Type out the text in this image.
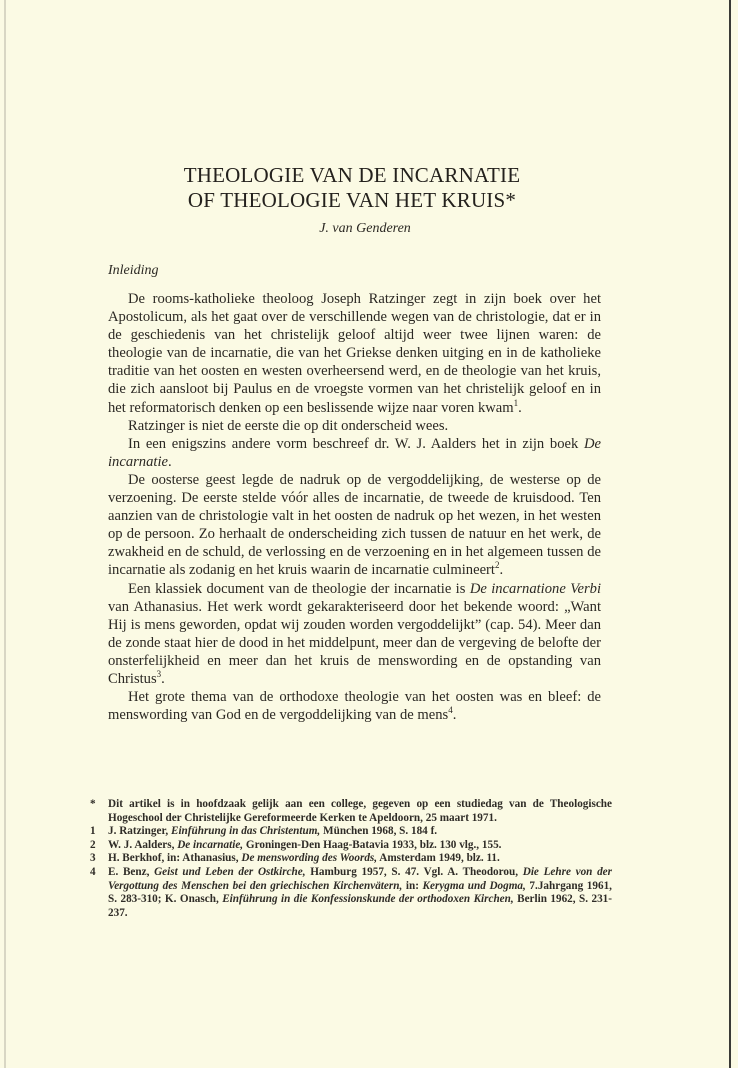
THEOLOGIE VAN DE INCARNATIE
OF THEOLOGIE VAN HET KRUIS*
J. van Genderen
Inleiding

De rooms-katholieke theoloog Joseph Ratzinger zegt in zijn boek over het Apostolicum, als het gaat over de verschillende wegen van de christologie, dat er in de geschiedenis van het christelijk geloof altijd weer twee lijnen waren: de theologie van de incarnatie, die van het Griekse denken uitging en in de katholieke traditie van het oosten en westen overheersend werd, en de theologie van het kruis, die zich aansloot bij Paulus en de vroegste vormen van het christelijk geloof en in het reformatorisch denken op een beslissende wijze naar voren kwam$^1$.

Ratzinger is niet de eerste die op dit onderscheid wees.

In een enigszins andere vorm beschreef dr. W. J. Aalders het in zijn boek De incarnatie.

De oosterse geest legde de nadruk op de vergoddelijking, de westerse op de verzoening. De eerste stelde vóór alles de incarnatie, de tweede de kruisdood. Ten aanzien van de christologie valt in het oosten de nadruk op het wezen, in het westen op de persoon. Zo herhaalt de onderscheiding zich tussen de natuur en het werk, de zwakheid en de schuld, de verlossing en de verzoening en in het algemeen tussen de incarnatie als zodanig en het kruis waarin de incarnatie culmineert$^2$.

Een klassiek document van de theologie der incarnatie is De incarnatione Verbi van Athanasius. Het werk wordt gekarakteriseerd door het bekende woord: „Want Hij is mens geworden, opdat wij zouden worden vergoddelijkt” (cap. 54). Meer dan de zonde staat hier de dood in het middelpunt, meer dan de vergeving de belofte der onsterfelijkheid en meer dan het kruis de menswording en de opstanding van Christus$^3$.

Het grote thema van de orthodoxe theologie van het oosten was en bleef: de menswording van God en de vergoddelijking van de mens$^4$.

*	Dit artikel is in hoofdzaak gelijk aan een college, gegeven op een studiedag van de Theologische Hogeschool der Christelijke Gereformeerde Kerken te Apeldoorn, 25 maart 1971.
1	J. Ratzinger, Einführung in das Christentum, München 1968, S. 184 f.
2	W. J. Aalders, De incarnatie, Groningen-Den Haag-Batavia 1933, blz. 130 vlg., 155.
3	H. Berkhof, in: Athanasius, De menswording des Woords, Amsterdam 1949, blz. 11.
4	E. Benz, Geist und Leben der Ostkirche, Hamburg 1957, S. 47. Vgl. A. Theodorou, Die Lehre von der Vergottung des Menschen bei den griechischen Kirchenvätern, in: Kerygma und Dogma, 7.Jahrgang 1961, S. 283-310; K. Onasch, Einführung in die Konfessionskunde der orthodoxen Kirchen, Berlin 1962, S. 231-237.
